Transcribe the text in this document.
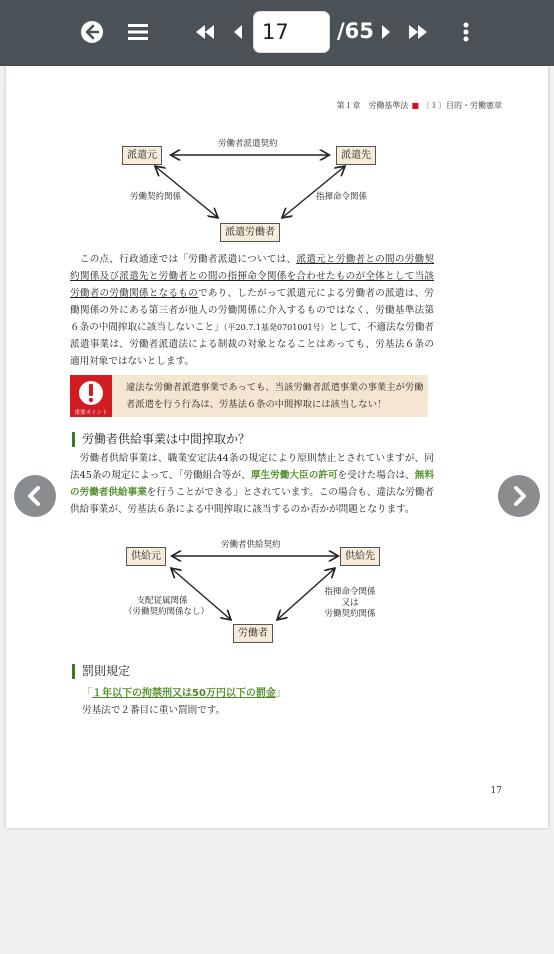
17	/65
第１章　労働基準法 ■ 〔１〕目的・労働憲章
派遣元	派遣先
派遣労働者
労働者派遣契約
労働契約関係	指揮命令関係
 この点、行政通達では「労働者派遣については、派遣元と労働者との間の労働契約関係及び派遣先と労働者との間の指揮命令関係を合わせたものが全体として当該労働者の労働関係となるものであり、したがって派遣元による労働者の派遣は、労働関係の外にある第三者が他人の労働関係に介入するものではなく、労働基準法第６条の中間搾取に該当しないこと」（平20.7.1基発0701001号）として、不適法な労働者派遣事業は、労働者派遣法による制裁の対象となることはあっても、労基法６条の適用対象ではないとします。
重要ポイント
違法な労働者派遣事業であっても、当該労働者派遣事業の事業主が労働者派遣を行う行為は、労基法６条の中間搾取には該当しない！
労働者供給事業は中間搾取か？
 労働者供給事業は、職業安定法44条の規定により原則禁止とされていますが、同法45条の規定によって、「労働組合等が、厚生労働大臣の許可を受けた場合は、無料の労働者供給事業を行うことができる」とされています。この場合も、違法な労働者供給事業が、労基法６条による中間搾取に該当するのか否かが問題となります。
供給元	供給先
労働者
労働者供給契約
支配従属関係
（労働契約関係なし）
指揮命令関係
又は
労働契約関係
罰則規定
「１年以下の拘禁刑又は50万円以下の罰金」
労基法で２番目に重い罰則です。
17
